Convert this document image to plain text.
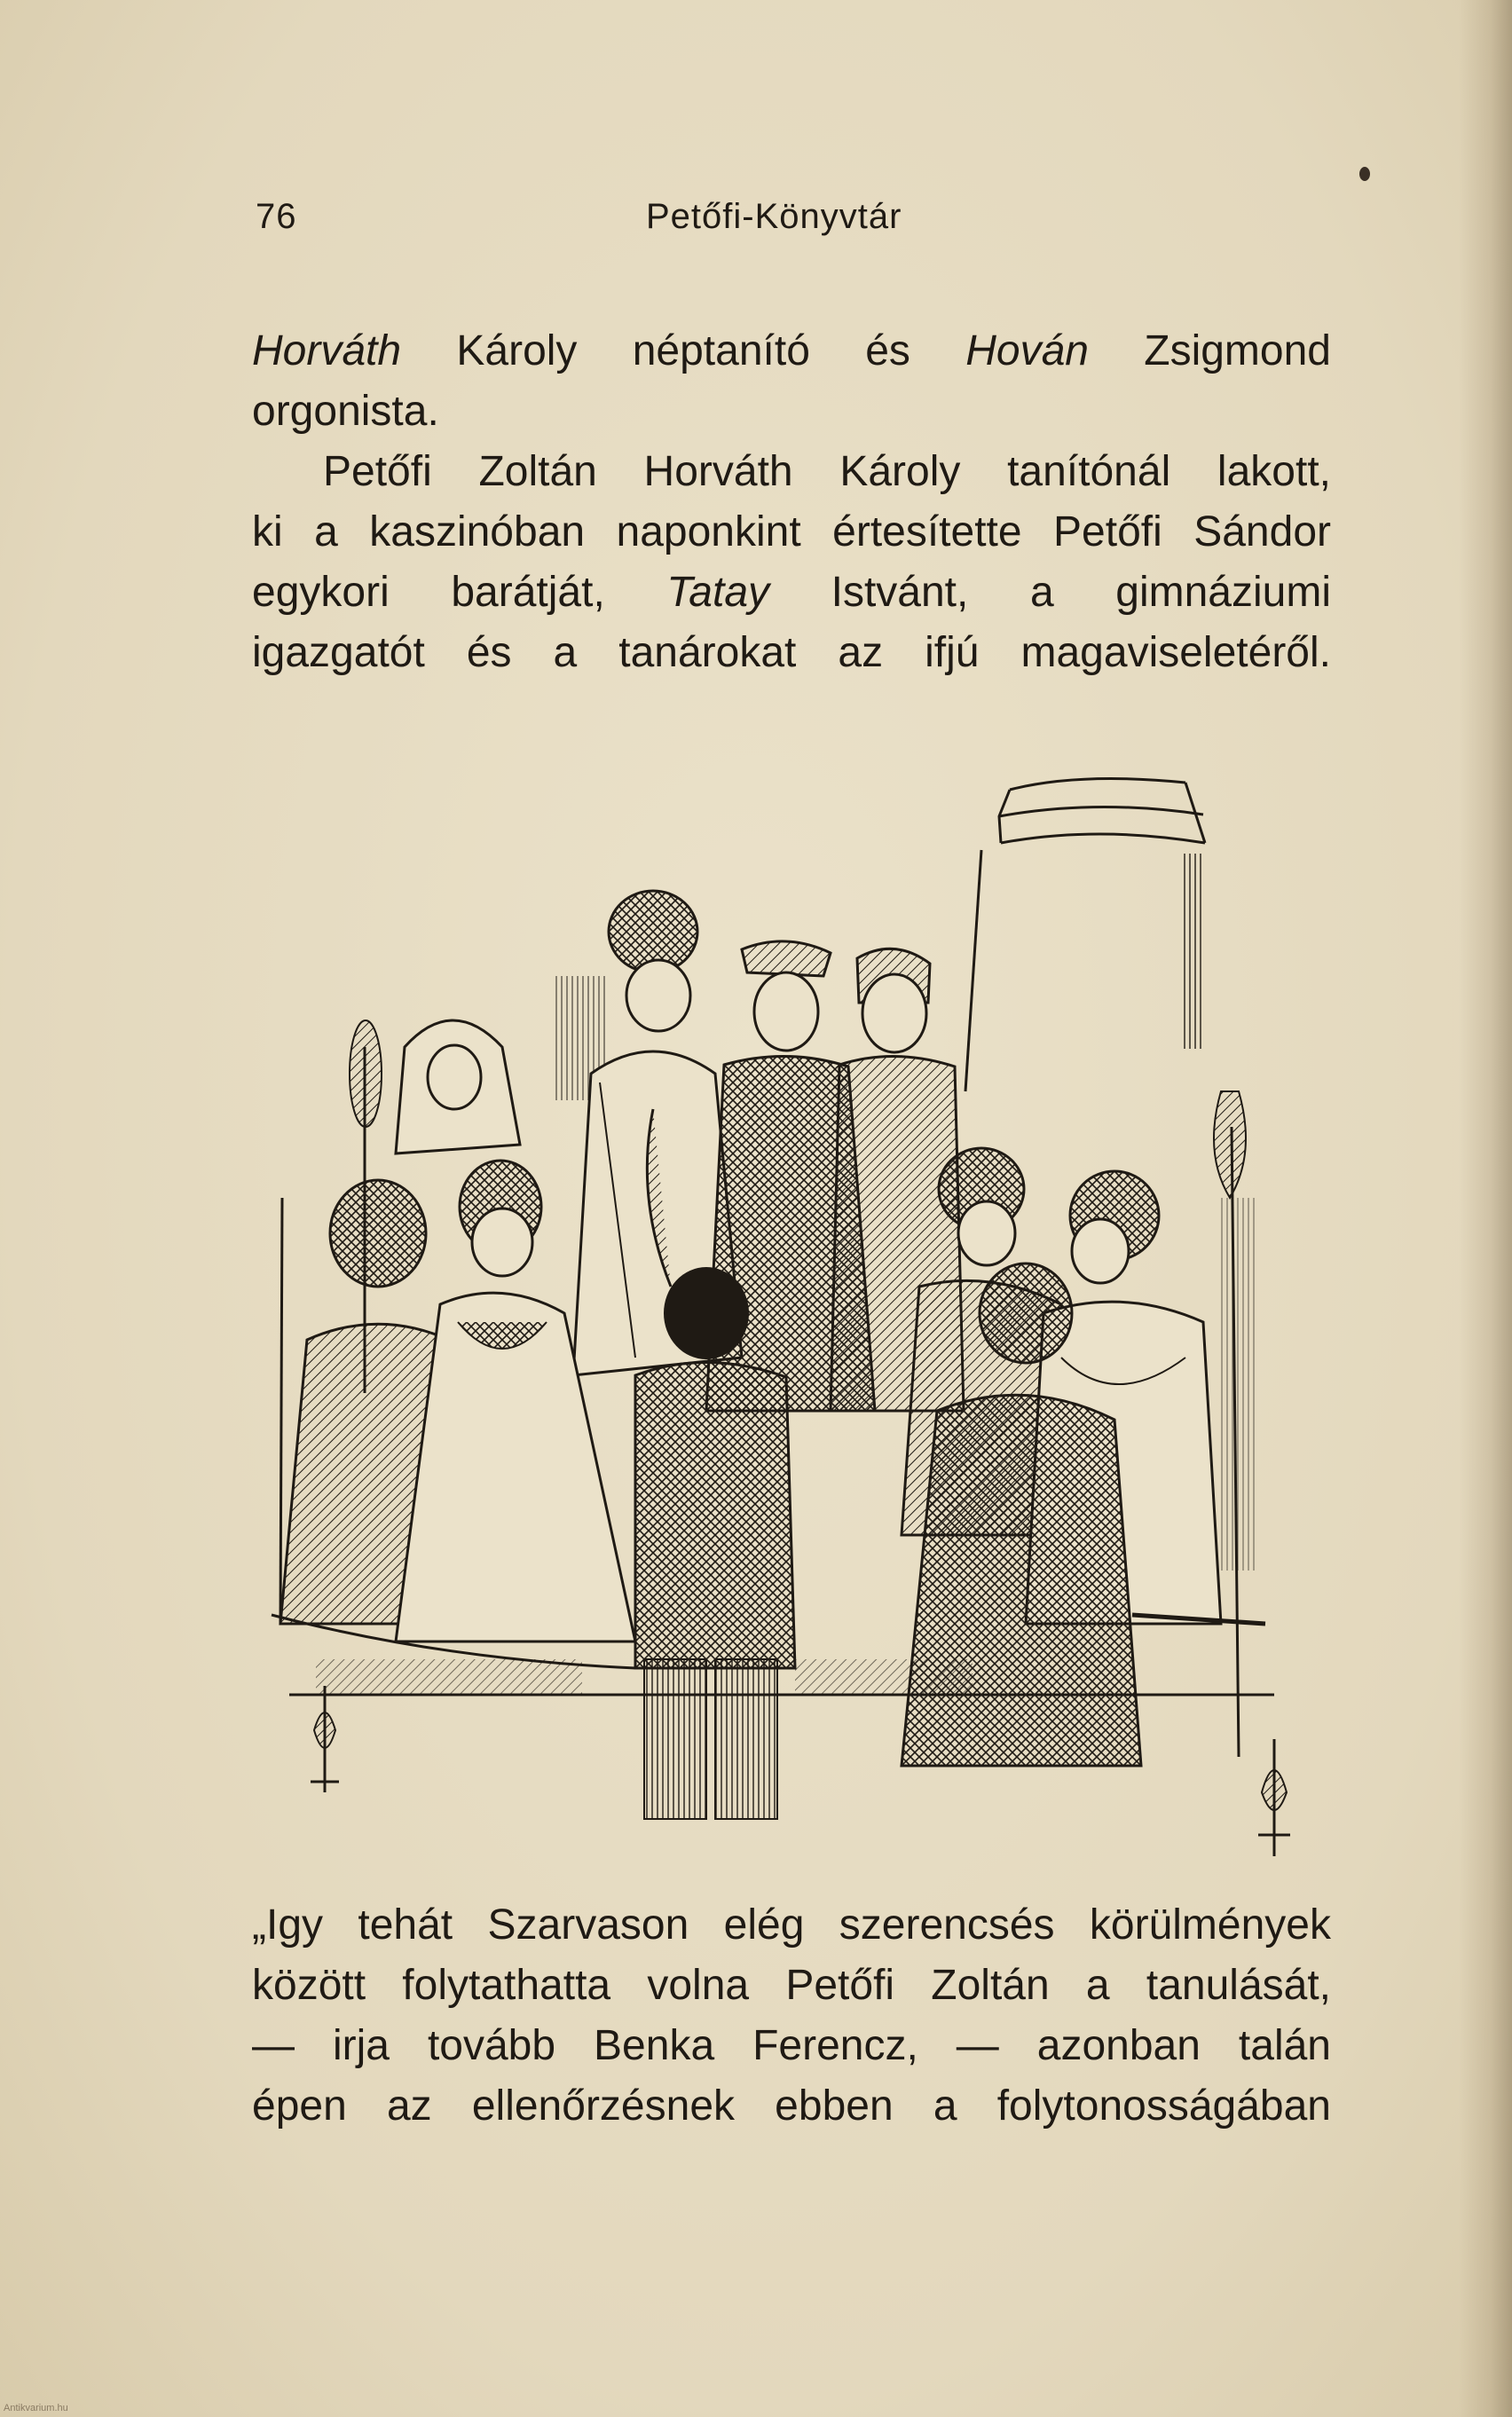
76	Petőfi-Könyvtár
Horváth Károly néptanító és Hován Zsigmond
orgonista.
Petőfi Zoltán Horváth Károly tanítónál lakott,
ki a kaszinóban naponkint értesítette Petőfi Sándor
egykori barátját, Tatay Istvánt, a gimnáziumi
igazgatót és a tanárokat az ifjú magaviseletéről.
„Igy tehát Szarvason elég szerencsés körülmények
között folytathatta volna Petőfi Zoltán a tanulását,
— irja tovább Benka Ferencz, — azonban talán
épen az ellenőrzésnek ebben a folytonosságában
Antikvarium.hu
